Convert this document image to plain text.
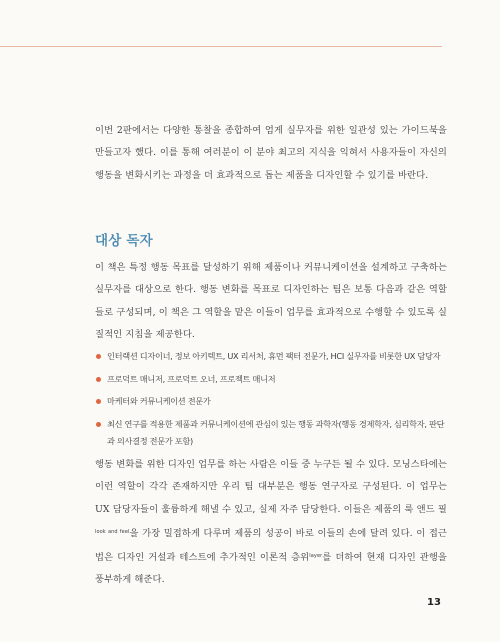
이번 2판에서는 다양한 통찰을 종합하여 엄게 실무자를 위한 일관성 있는 가이드북을 만들고자 했다. 이를 통해 여러분이 이 분야 최고의 지식을 익혀서 사용자들이 자신의 행동을 변화시키는 과정을 더 효과적으로 돕는 제품을 디자인할 수 있기를 바란다.

대상 독자

이 책은 특정 행동 목표를 달성하기 위해 제품이나 커뮤니케이션을 설계하고 구축하는 실무자를 대상으로 한다. 행동 변화를 목표로 디자인하는 팀은 보통 다음과 같은 역할들로 구성되며, 이 책은 그 역할을 맡은 이들이 업무를 효과적으로 수행할 수 있도록 실질적인 지침을 제공한다.

인터랙션 디자이너, 정보 아키텍트, UX 리서처, 휴먼 팩터 전문가, HCI 실무자를 비롯한 UX 담당자
프로덕트 매니저, 프로덕트 오너, 프로젝트 매니저
마케터와 커뮤니케이션 전문가
최신 연구를 적용한 제품과 커뮤니케이션에 관심이 있는 행동 과학자(행동 경제학자, 심리학자, 판단과 의사결정 전문가 포함)

행동 변화를 위한 디자인 업무를 하는 사람은 이들 중 누구든 될 수 있다. 모닝스타에는 이런 역할이 각각 존재하지만 우리 팀 대부분은 행동 연구자로 구성된다. 이 업무는 UX 담당자들이 훌륭하게 해낼 수 있고, 실제 자주 담당한다. 이들은 제품의 룩 앤드 필$^{look and feel}$을 가장 밀접하게 다루며 제품의 성공이 바로 이들의 손에 달려 있다. 이 접근법은 디자인 거설과 테스트에 추가적인 이론적 층위$^{layer}$를 더하여 현재 디자인 관행을 풍부하게 해준다.

13
